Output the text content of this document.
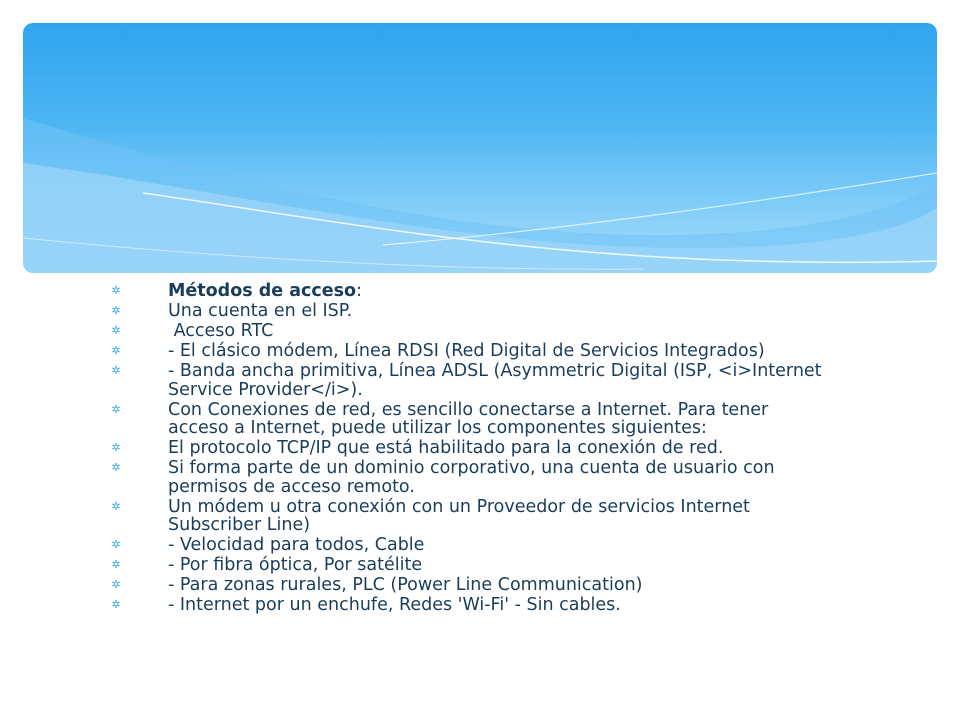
✲	Métodos de acceso:
✲	Una cuenta en el ISP.
✲	Acceso RTC
✲	- El clásico módem, Línea RDSI (Red Digital de Servicios Integrados)
✲	- Banda ancha primitiva, Línea ADSL (Asymmetric Digital (ISP, <i>Internet Service Provider</i>).
✲	Con Conexiones de red, es sencillo conectarse a Internet. Para tener acceso a Internet, puede utilizar los componentes siguientes:
✲	El protocolo TCP/IP que está habilitado para la conexión de red.
✲	Si forma parte de un dominio corporativo, una cuenta de usuario con permisos de acceso remoto.
✲	Un módem u otra conexión con un Proveedor de servicios Internet Subscriber Line)
✲	- Velocidad para todos, Cable
✲	- Por fibra óptica, Por satélite
✲	- Para zonas rurales, PLC (Power Line Communication)
✲	- Internet por un enchufe, Redes 'Wi-Fi' - Sin cables.
